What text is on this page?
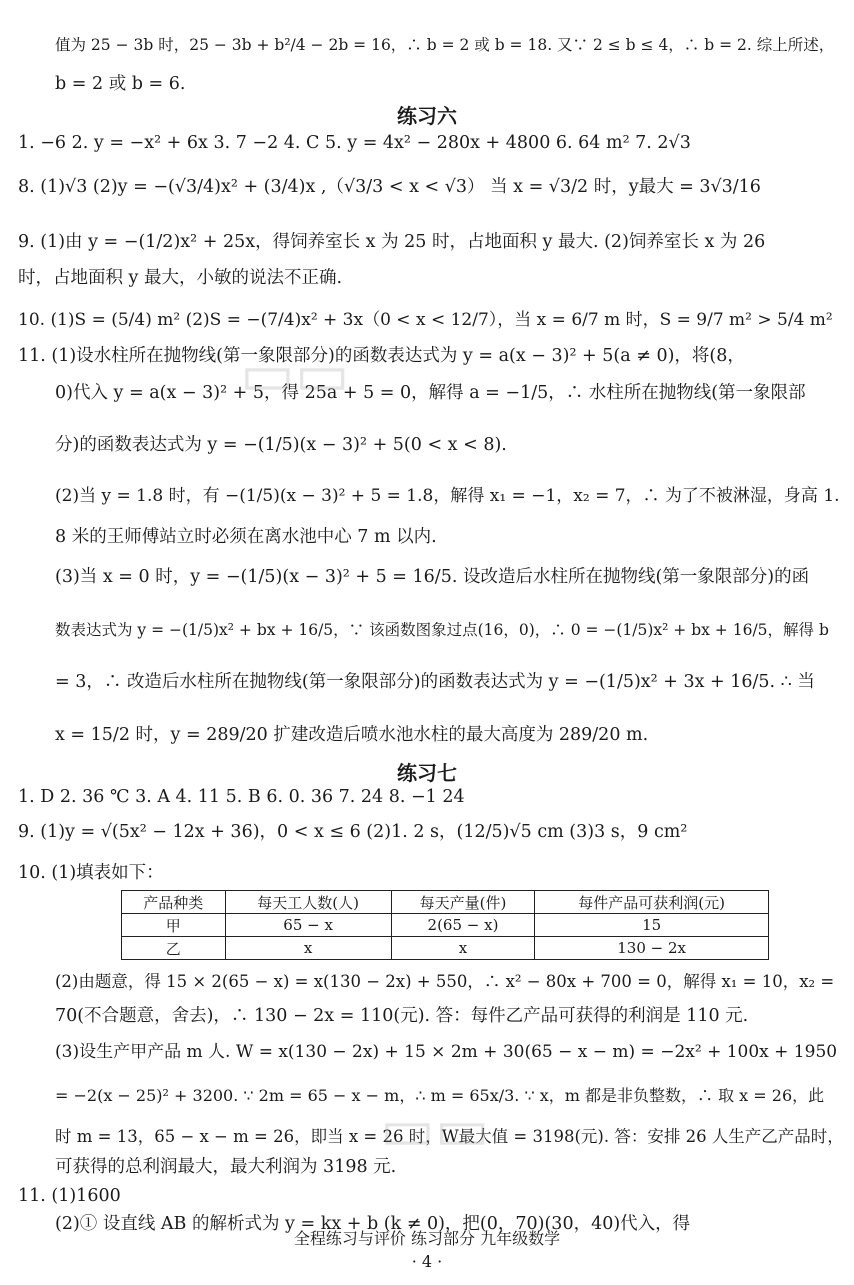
值为 25 − 3b 时，25 − 3b + b²/4 − 2b = 16，∴ b = 2 或 b = 18. 又∵ 2 ≤ b ≤ 4，∴ b = 2. 综上所述，
b = 2 或 b = 6.
练习六
1. −6 2. y = −x² + 6x 3. 7 −2 4. C 5. y = 4x² − 280x + 4800 6. 64 m² 7. 2√3
8. (1)√3 (2)y = −(√3/4)x² + (3/4)x ,（√3/3 < x < √3） 当 x = √3/2 时，y最大 = 3√3/16
9. (1)由 y = −(1/2)x² + 25x，得饲养室长 x 为 25 时，占地面积 y 最大. (2)饲养室长 x 为 26
时，占地面积 y 最大，小敏的说法不正确.
10. (1)S = (5/4) m² (2)S = −(7/4)x² + 3x（0 < x < 12/7），当 x = 6/7 m 时，S = 9/7 m² > 5/4 m²
11. (1)设水柱所在抛物线(第一象限部分)的函数表达式为 y = a(x − 3)² + 5(a ≠ 0)，将(8，
0)代入 y = a(x − 3)² + 5，得 25a + 5 = 0，解得 a = −1/5，∴ 水柱所在抛物线(第一象限部
分)的函数表达式为 y = −(1/5)(x − 3)² + 5(0 < x < 8).
(2)当 y = 1.8 时，有 −(1/5)(x − 3)² + 5 = 1.8，解得 x₁ = −1，x₂ = 7，∴ 为了不被淋湿，身高 1.
8 米的王师傅站立时必须在离水池中心 7 m 以内.
(3)当 x = 0 时，y = −(1/5)(x − 3)² + 5 = 16/5. 设改造后水柱所在抛物线(第一象限部分)的函
数表达式为 y = −(1/5)x² + bx + 16/5，∵ 该函数图象过点(16，0)，∴ 0 = −(1/5)x² + bx + 16/5，解得 b
= 3，∴ 改造后水柱所在抛物线(第一象限部分)的函数表达式为 y = −(1/5)x² + 3x + 16/5. ∴ 当
x = 15/2 时，y = 289/20 扩建改造后喷水池水柱的最大高度为 289/20 m.
练习七
1. D 2. 36 ℃ 3. A 4. 11 5. B 6. 0. 36 7. 24 8. −1 24
9. (1)y = √(5x² − 12x + 36)，0 < x ≤ 6 (2)1. 2 s，(12/5)√5 cm (3)3 s，9 cm²
10. (1)填表如下：
产品种类	每天工人数(人)	每天产量(件)	每件产品可获利润(元)
甲	65 − x	2(65 − x)	15
乙	x	x	130 − 2x
(2)由题意，得 15 × 2(65 − x) = x(130 − 2x) + 550，∴ x² − 80x + 700 = 0，解得 x₁ = 10，x₂ =
70(不合题意，舍去)，∴ 130 − 2x = 110(元). 答：每件乙产品可获得的利润是 110 元.
(3)设生产甲产品 m 人. W = x(130 − 2x) + 15 × 2m + 30(65 − x − m) = −2x² + 100x + 1950
= −2(x − 25)² + 3200. ∵ 2m = 65 − x − m，∴ m = 65x/3. ∵ x，m 都是非负整数，∴ 取 x = 26，此
时 m = 13，65 − x − m = 26，即当 x = 26 时，W最大值 = 3198(元). 答：安排 26 人生产乙产品时，
可获得的总利润最大，最大利润为 3198 元.
11. (1)1600
(2)① 设直线 AB 的解析式为 y = kx + b (k ≠ 0)，把(0，70)(30，40)代入，得
全程练习与评价 练习部分 九年级数学
· 4 ·
▭▭
▭▭
